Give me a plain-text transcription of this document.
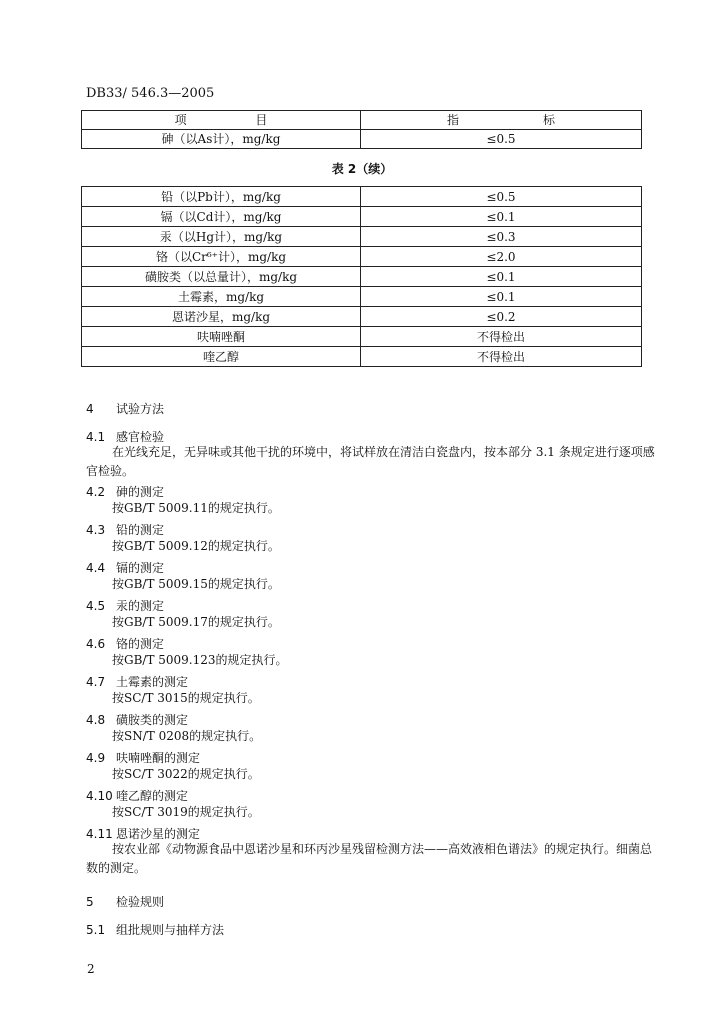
DB33/ 546.3—2005
项                  目	指                      标
砷（以As计），mg/kg	≤0.5
表 2（续）
铅（以Pb计），mg/kg	≤0.5
镉（以Cd计），mg/kg	≤0.1
汞（以Hg计），mg/kg	≤0.3
铬（以Cr⁶⁺计），mg/kg	≤2.0
磺胺类（以总量计），mg/kg	≤0.1
土霉素，mg/kg	≤0.1
恩诺沙星，mg/kg	≤0.2
呋喃唑酮	不得检出
喹乙醇	不得检出
4 试验方法
4.1 感官检验
在光线充足，无异味或其他干扰的环境中，将试样放在清洁白瓷盘内，按本部分 3.1 条规定进行逐项感官检验。
4.2 砷的测定
按GB/T 5009.11的规定执行。
4.3 铅的测定
按GB/T 5009.12的规定执行。
4.4 镉的测定
按GB/T 5009.15的规定执行。
4.5 汞的测定
按GB/T 5009.17的规定执行。
4.6 铬的测定
按GB/T 5009.123的规定执行。
4.7 土霉素的测定
按SC/T 3015的规定执行。
4.8 磺胺类的测定
按SN/T 0208的规定执行。
4.9 呋喃唑酮的测定
按SC/T 3022的规定执行。
4.10 喹乙醇的测定
按SC/T 3019的规定执行。
4.11 恩诺沙星的测定
按农业部《动物源食品中恩诺沙星和环丙沙星残留检测方法——高效液相色谱法》的规定执行。细菌总数的测定。
5 检验规则
5.1 组批规则与抽样方法
2
